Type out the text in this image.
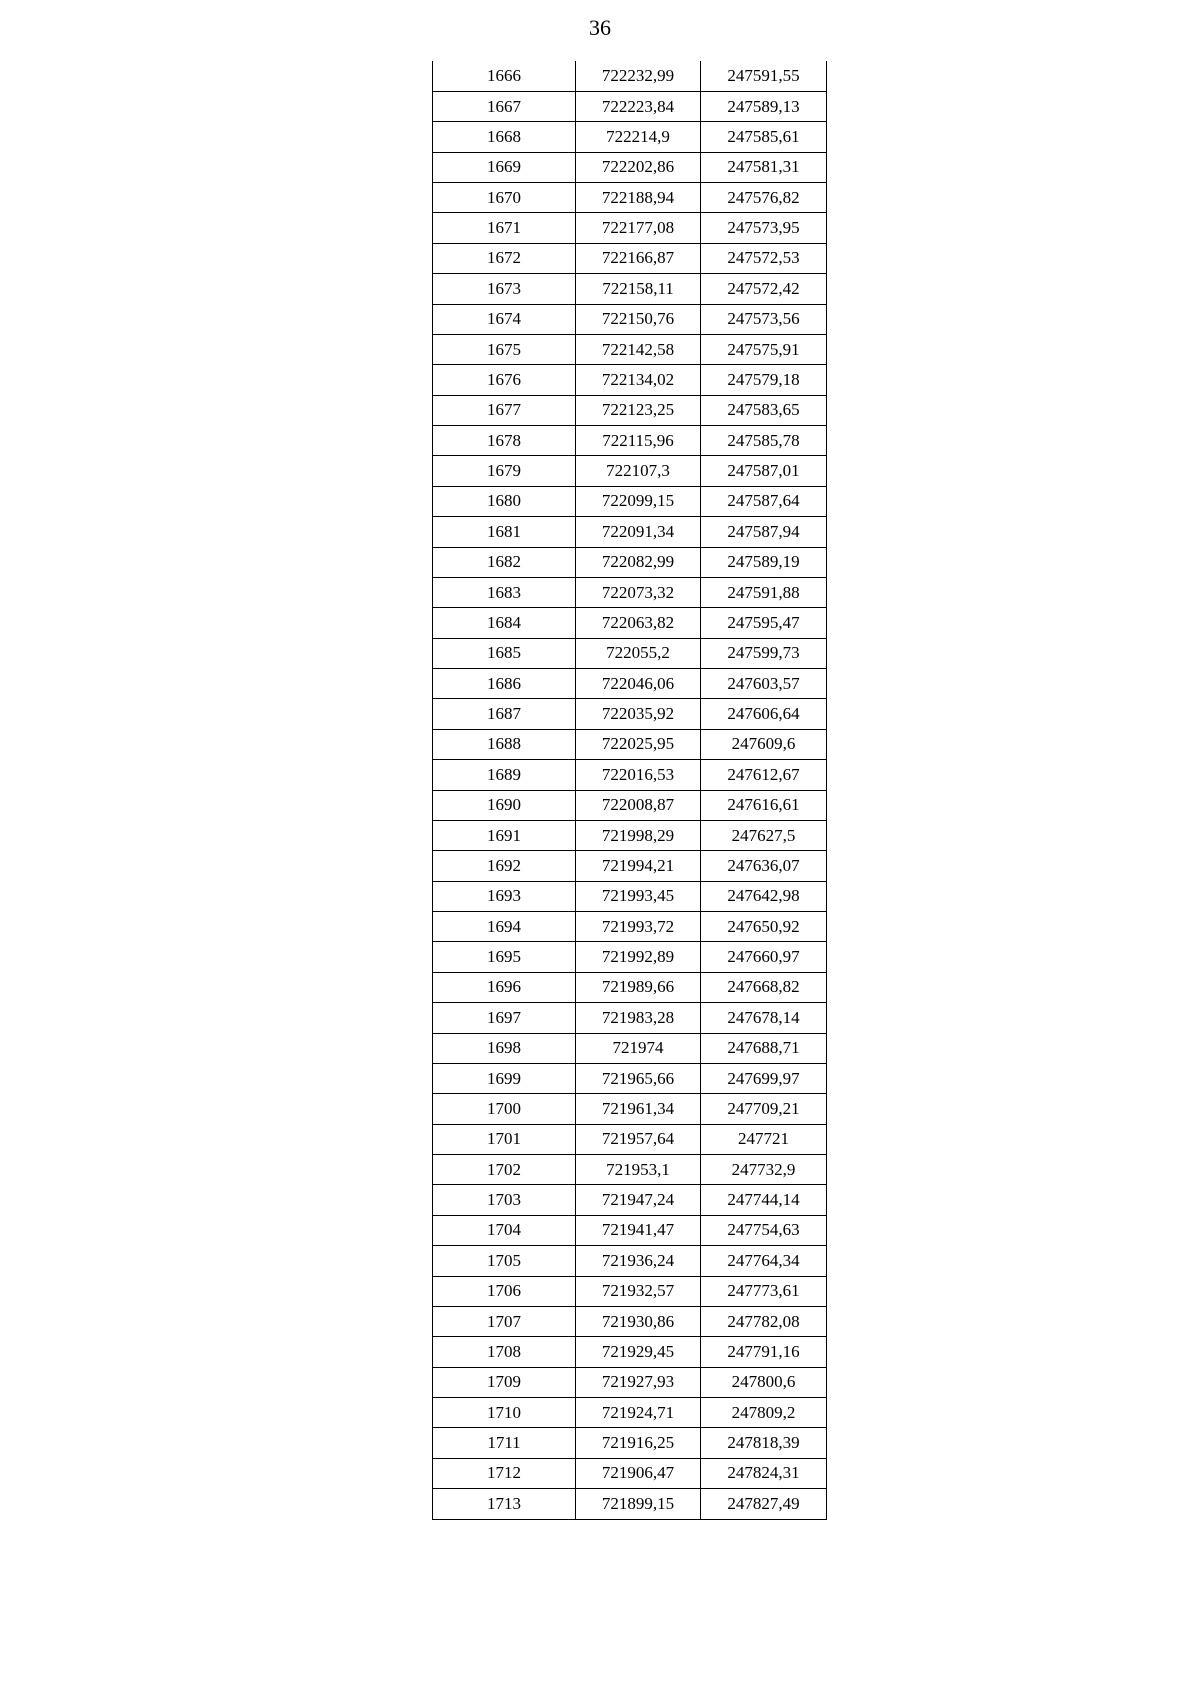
36
1666	722232,99	247591,55
1667	722223,84	247589,13
1668	722214,9	247585,61
1669	722202,86	247581,31
1670	722188,94	247576,82
1671	722177,08	247573,95
1672	722166,87	247572,53
1673	722158,11	247572,42
1674	722150,76	247573,56
1675	722142,58	247575,91
1676	722134,02	247579,18
1677	722123,25	247583,65
1678	722115,96	247585,78
1679	722107,3	247587,01
1680	722099,15	247587,64
1681	722091,34	247587,94
1682	722082,99	247589,19
1683	722073,32	247591,88
1684	722063,82	247595,47
1685	722055,2	247599,73
1686	722046,06	247603,57
1687	722035,92	247606,64
1688	722025,95	247609,6
1689	722016,53	247612,67
1690	722008,87	247616,61
1691	721998,29	247627,5
1692	721994,21	247636,07
1693	721993,45	247642,98
1694	721993,72	247650,92
1695	721992,89	247660,97
1696	721989,66	247668,82
1697	721983,28	247678,14
1698	721974	247688,71
1699	721965,66	247699,97
1700	721961,34	247709,21
1701	721957,64	247721
1702	721953,1	247732,9
1703	721947,24	247744,14
1704	721941,47	247754,63
1705	721936,24	247764,34
1706	721932,57	247773,61
1707	721930,86	247782,08
1708	721929,45	247791,16
1709	721927,93	247800,6
1710	721924,71	247809,2
1711	721916,25	247818,39
1712	721906,47	247824,31
1713	721899,15	247827,49
